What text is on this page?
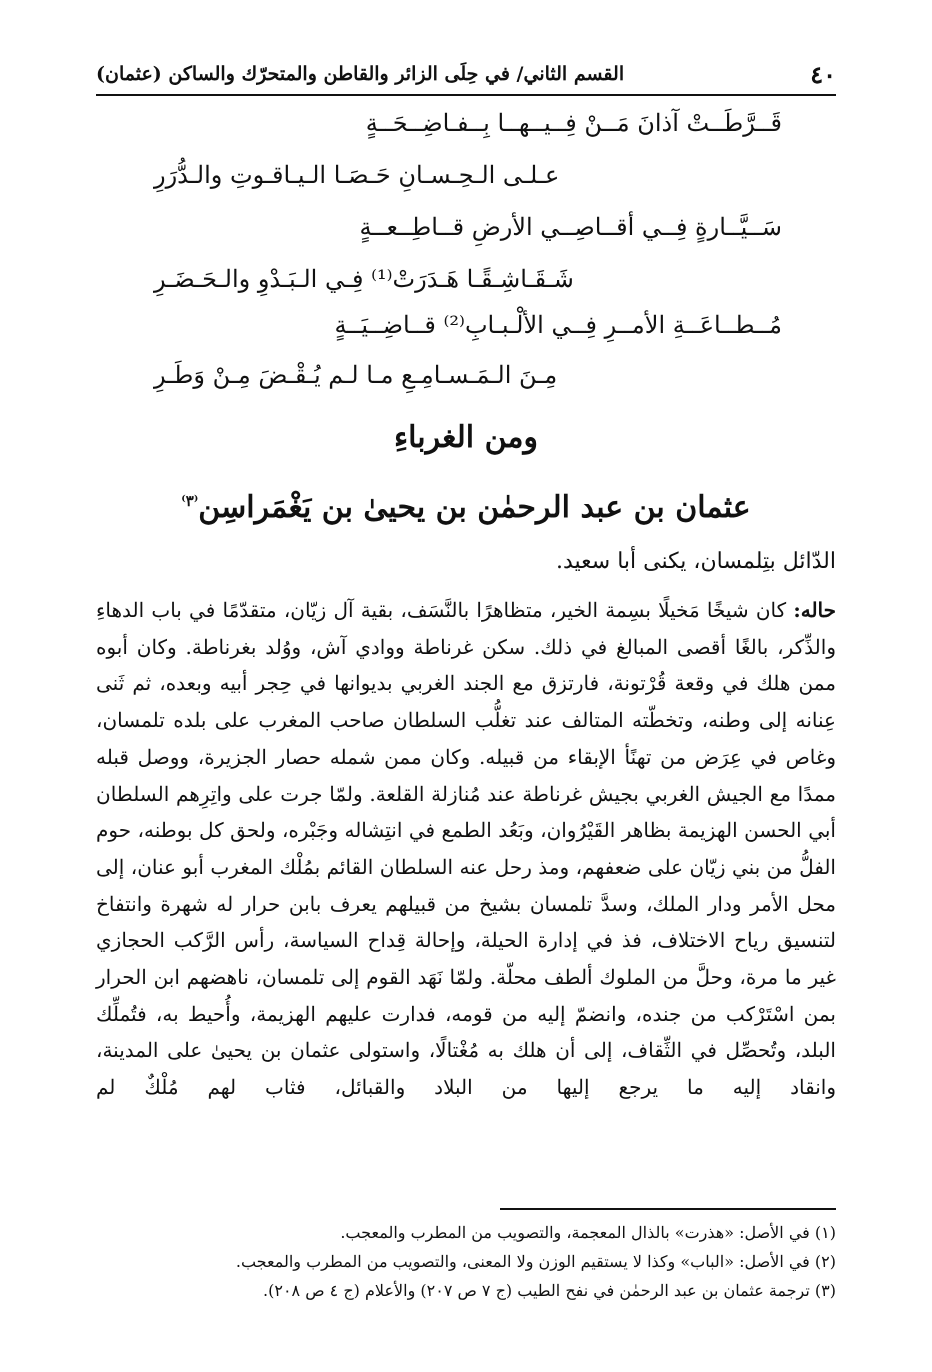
٤٠
القسم الثاني/ في حِلَى الزائر والقاطن والمتحرّك والساكن (عثمان)
قَــرَّطَــتْ آذانَ مَــنْ فِــيــهــا بِــفـاضِــحَــةٍ
عـلـى الـحِـسـانِ حَـصَـا الـيـاقـوتِ والـدُّرَرِ
سَــيَّــارةٍ فِــي أقــاصِــي الأرضِ قــاطِــعــةٍ
شَـقَـاشِـقًـا هَـدَرَتْ⁽¹⁾ فِـي الـبَـدْوِ والـحَـضَـرِ
مُــطــاعَــةِ الأمــرِ فِــي الألْـبـابِ⁽²⁾ قــاضِــيَــةٍ
مِـنَ الـمَـسـامِـعِ مـا لـم يُـقْـضَ مِـنْ وَطَـرِ
ومن الغرباءِ
عثمان بن عبد الرحمٰن بن يحيىٰ بن يَغْمَراسِن$^{^(٣^)}$
الدّائل بتِلمسان، يكنى أبا سعيد.
حاله: كان شيخًا مَخيلًا بسِمة الخير، متظاهرًا بالنَّسَف، بقية آل زيّان، متقدّمًا في باب الدهاءِ والذِّكر، بالغًا أقصى المبالغ في ذلك. سكن غرناطة ووادي آش، ووُلد بغرناطة. وكان أبوه ممن هلك في وقعة قُرْتونة، فارتزق مع الجند الغربي بديوانها في حِجر أبيه وبعده، ثم ثَنى عِنانه إلى وطنه، وتخطّته المتالف عند تغلُّب السلطان صاحب المغرب على بلده تلمسان، وغاص في عِرَض من تهنًأ الإبقاء من قبيله. وكان ممن شمله حصار الجزيرة، ووصل قبله ممدًا مع الجيش الغربي بجيش غرناطة عند مُنازلة القلعة. ولمّا جرت على واتِرِهم السلطان أبي الحسن الهزيمة بظاهر القَيْرُوان، وبَعُد الطمع في انتِشاله وجَبْره، ولحق كل بوطنه، حوم الفلُّ من بني زيّان على ضعفهم، ومذ رحل عنه السلطان القائم بمُلْك المغرب أبو عنان، إلى محل الأمر ودار الملك، وسدَّ تلمسان بشيخ من قبيلهم يعرف بابن حرار له شهرة وانتفاخ لتنسيق رياح الاختلاف، فذ في إدارة الحيلة، وإحالة قِداح السياسة، رأس الرَّكب الحجازي غير ما مرة، وحلَّ من الملوك ألطف محلّة. ولمّا نَهَد القوم إلى تلمسان، ناهضهم ابن الحرار بمن اسْتَرْكب من جنده، وانضمّ إليه من قومه، فدارت عليهم الهزيمة، وأُحيط به، فتُملِّك البلد، وتُحصِّل في الثِّقاف، إلى أن هلك به مُغْتالًا، واستولى عثمان بن يحيىٰ على المدينة، وانقاد إليه ما يرجع إليها من البلاد والقبائل، فثاب لهم مُلْكٌ لم
(١) في الأصل: «هذرت» بالذال المعجمة، والتصويب من المطرب والمعجب.
(٢) في الأصل: «الباب» وكذا لا يستقيم الوزن ولا المعنى، والتصويب من المطرب والمعجب.
(٣) ترجمة عثمان بن عبد الرحمٰن في نفح الطيب (ج ٧ ص ٢٠٧) والأعلام (ج ٤ ص ٢٠٨).
